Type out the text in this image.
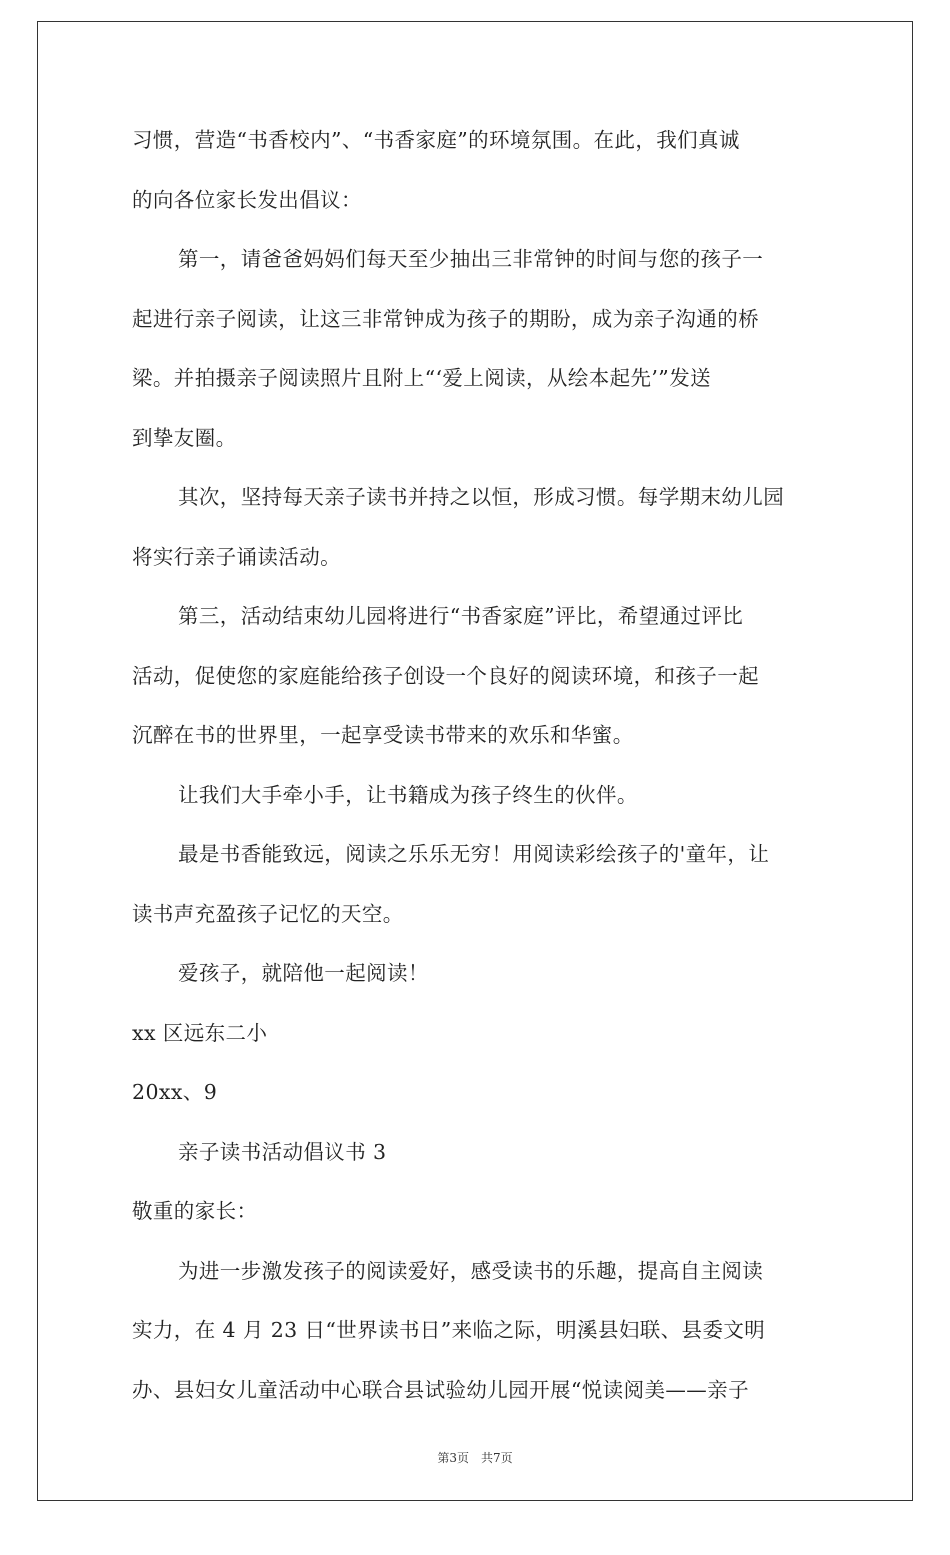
习惯，营造“书香校内”、“书香家庭”的环境氛围。在此，我们真诚
的向各位家长发出倡议：
第一，请爸爸妈妈们每天至少抽出三非常钟的时间与您的孩子一
起进行亲子阅读，让这三非常钟成为孩子的期盼，成为亲子沟通的桥
梁。并拍摄亲子阅读照片且附上“‘爱上阅读，从绘本起先’”发送
到挚友圈。
其次，坚持每天亲子读书并持之以恒，形成习惯。每学期末幼儿园
将实行亲子诵读活动。
第三，活动结束幼儿园将进行“书香家庭”评比，希望通过评比
活动，促使您的家庭能给孩子创设一个良好的阅读环境，和孩子一起
沉醉在书的世界里，一起享受读书带来的欢乐和华蜜。
让我们大手牵小手，让书籍成为孩子终生的伙伴。
最是书香能致远，阅读之乐乐无穷！用阅读彩绘孩子的'童年，让
读书声充盈孩子记忆的天空。
爱孩子，就陪他一起阅读！
xx 区远东二小
20xx、9
亲子读书活动倡议书 3
敬重的家长：
为进一步激发孩子的阅读爱好，感受读书的乐趣，提高自主阅读
实力，在 4 月 23 日“世界读书日”来临之际，明溪县妇联、县委文明
办、县妇女儿童活动中心联合县试验幼儿园开展“悦读阅美——亲子
第3页　共7页
